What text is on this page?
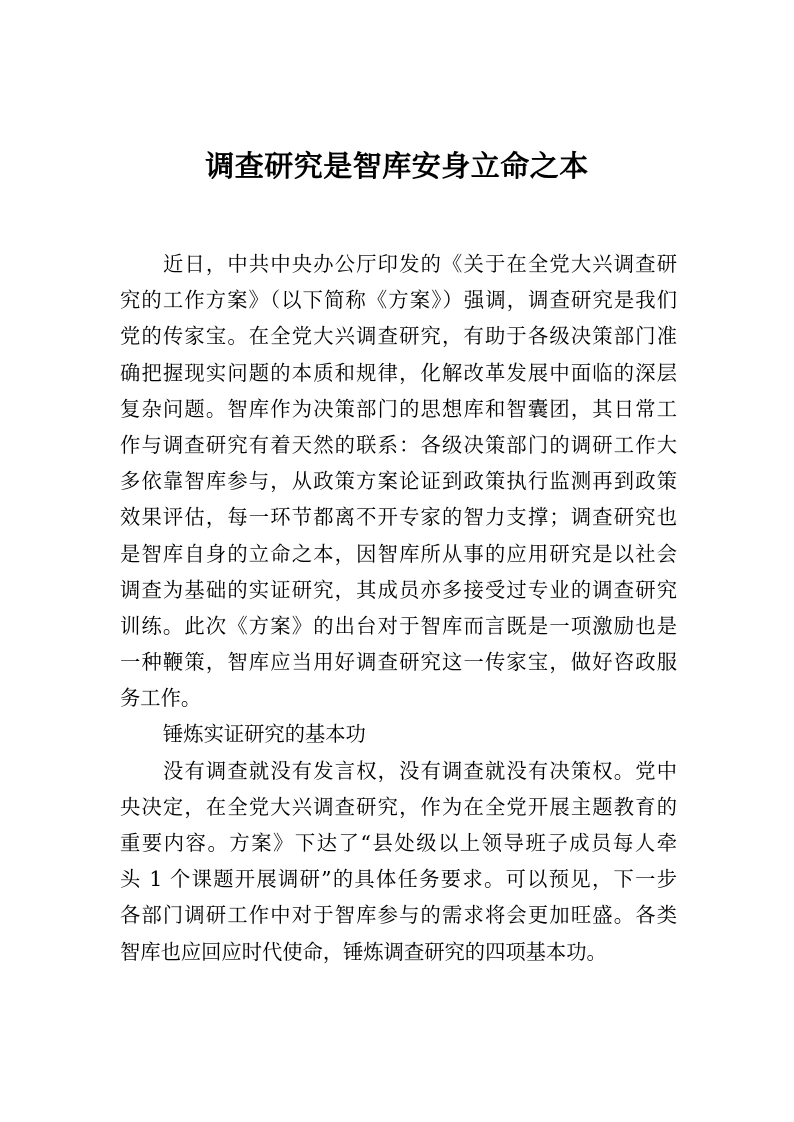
调查研究是智库安身立命之本
近日，中共中央办公厅印发的《关于在全党大兴调查研
究的工作方案》（以下简称《方案》）强调，调查研究是我们
党的传家宝。在全党大兴调查研究，有助于各级决策部门准
确把握现实问题的本质和规律，化解改革发展中面临的深层
复杂问题。智库作为决策部门的思想库和智囊团，其日常工
作与调查研究有着天然的联系：各级决策部门的调研工作大
多依靠智库参与，从政策方案论证到政策执行监测再到政策
效果评估，每一环节都离不开专家的智力支撑；调查研究也
是智库自身的立命之本，因智库所从事的应用研究是以社会
调查为基础的实证研究，其成员亦多接受过专业的调查研究
训练。此次《方案》的出台对于智库而言既是一项激励也是
一种鞭策，智库应当用好调查研究这一传家宝，做好咨政服
务工作。
锤炼实证研究的基本功
没有调查就没有发言权，没有调查就没有决策权。党中
央决定，在全党大兴调查研究，作为在全党开展主题教育的
重要内容。方案》下达了“县处级以上领导班子成员每人牵
头 1 个课题开展调研”的具体任务要求。可以预见，下一步
各部门调研工作中对于智库参与的需求将会更加旺盛。各类
智库也应回应时代使命，锤炼调查研究的四项基本功。
